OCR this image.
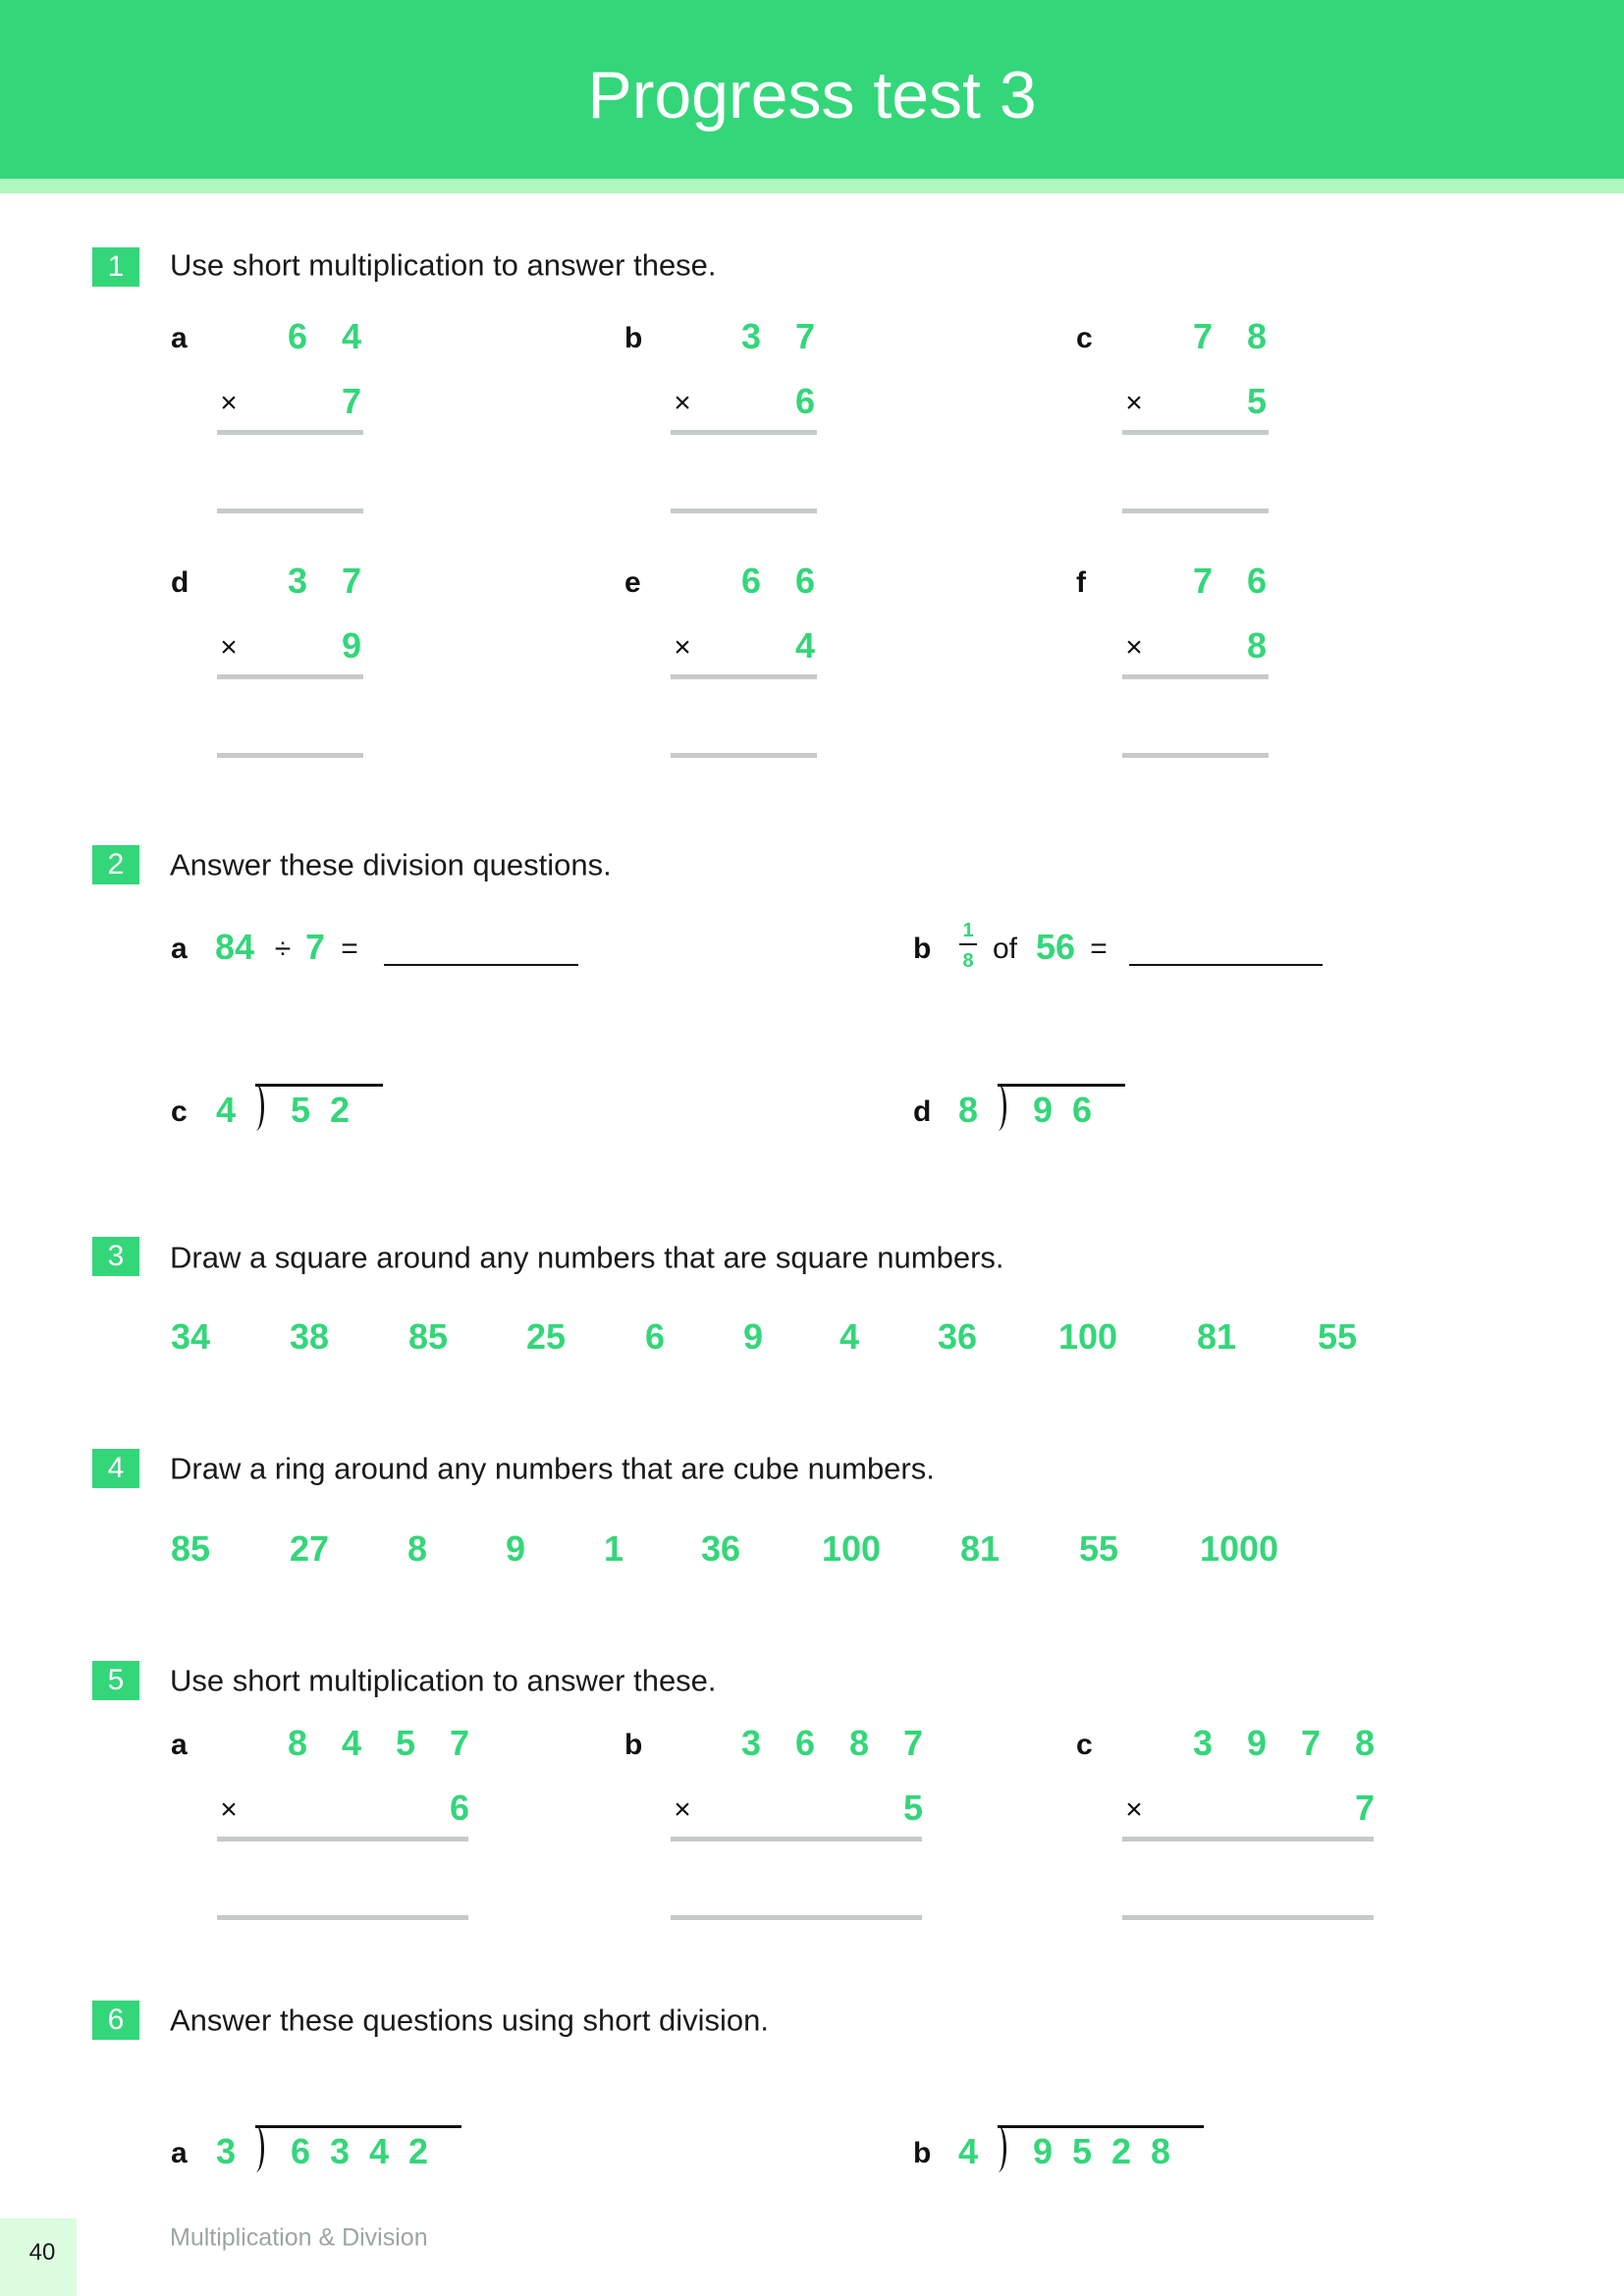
Progress test 3
1	Use short multiplication to answer these.
a	6 4
×	7
b	3 7
×	6
c	7 8
×	5
d	3 7
×	9
e	6 6
×	4
f	7 6
×	8
2	Answer these division questions.
a 84 ÷ 7 =	b
1
8 of 56 =
c 4 5 2	d 8 9 6
3	Draw a square around any numbers that are square numbers.
34 38 85 25 6 9 4 36 100 81 55
4	Draw a ring around any numbers that are cube numbers.
85 27 8 9 1 36 100 81 55 1000
5	Use short multiplication to answer these.
a	8 4 5 7
×	6
b	3 6 8 7
×	5
c	3 9 7 8
×	7
6	Answer these questions using short division.
a 3 6 3 4 2	b 4 9 5 2 8
40
Multiplication & Division
